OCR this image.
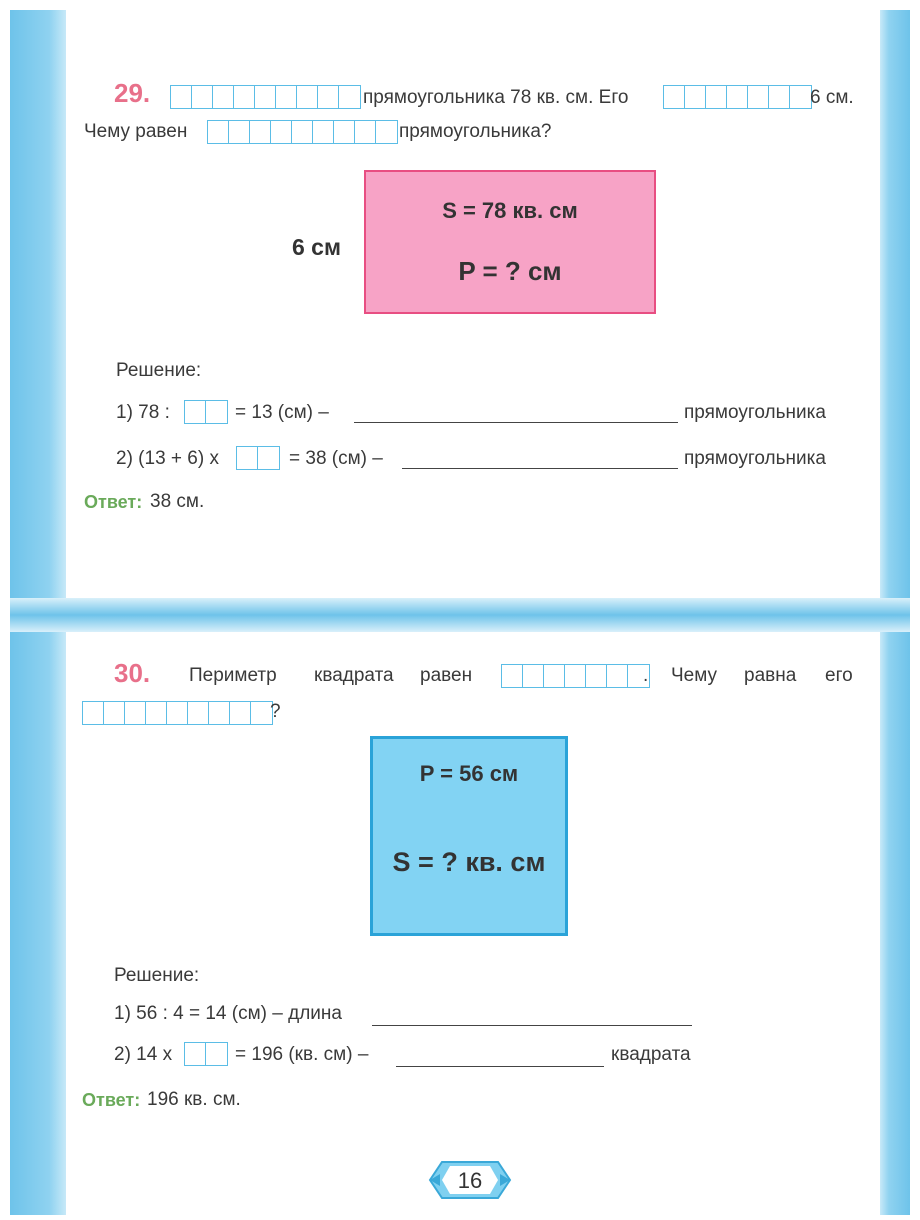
29.	прямоугольника 78 кв. см. Его	6 см.
Чему равен	прямоугольника?
6 см
S = 78 кв. см
P = ? см
Решение:
1) 78 :	= 13 (см) –	прямоугольника
2) (13 + 6) х	= 38 (см) –	прямоугольника
Ответ: 38 см.
30. Периметр квадрата равен	. Чему равна его
?
P = 56 см
S = ? кв. см
Решение:
1) 56 : 4 = 14 (см) – длина
2) 14 х	= 196 (кв. см) –	квадрата
Ответ: 196 кв. см.
16
